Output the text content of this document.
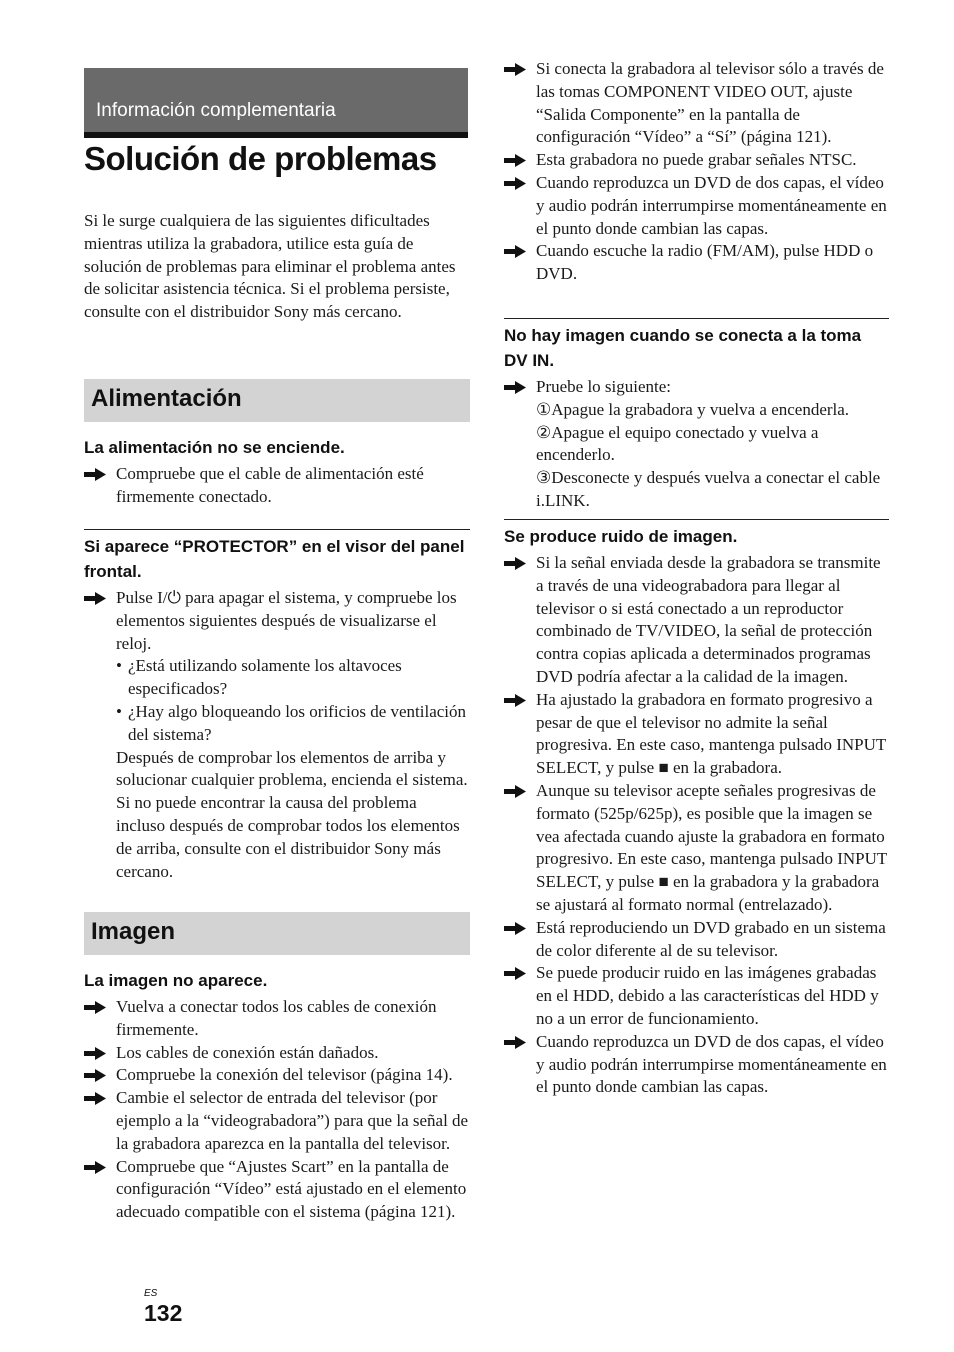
Información complementaria
Solución de problemas

Si le surge cualquiera de las siguientes dificultades mientras utiliza la grabadora, utilice esta guía de solución de problemas para eliminar el problema antes de solicitar asistencia técnica. Si el problema persiste, consulte con el distribuidor Sony más cercano.

Alimentación
La alimentación no se enciende.

Compruebe que el cable de alimentación esté firmemente conectado.

Si aparece “PROTECTOR” en el visor del panel frontal.

Pulse I/⏻ para apagar el sistema, y compruebe los elementos siguientes después de visualizarse el reloj.

• ¿Está utilizando solamente los altavoces especificados?

• ¿Hay algo bloqueando los orificios de ventilación del sistema?

Después de comprobar los elementos de arriba y solucionar cualquier problema, encienda el sistema. Si no puede encontrar la causa del problema incluso después de comprobar todos los elementos de arriba, consulte con el distribuidor Sony más cercano.

Imagen
La imagen no aparece.

Vuelva a conectar todos los cables de conexión firmemente.

Los cables de conexión están dañados.

Compruebe la conexión del televisor (página 14).

Cambie el selector de entrada del televisor (por ejemplo a la “videograbadora”) para que la señal de la grabadora aparezca en la pantalla del televisor.

Compruebe que “Ajustes Scart” en la pantalla de configuración “Vídeo” está ajustado en el elemento adecuado compatible con el sistema (página 121).

ES
132

Si conecta la grabadora al televisor sólo a través de las tomas COMPONENT VIDEO OUT, ajuste “Salida Componente” en la pantalla de configuración “Vídeo” a “Sí” (página 121).

Esta grabadora no puede grabar señales NTSC.

Cuando reproduzca un DVD de dos capas, el vídeo y audio podrán interrumpirse momentáneamente en el punto donde cambian las capas.

Cuando escuche la radio (FM/AM), pulse HDD o DVD.

No hay imagen cuando se conecta a la toma DV IN.

Pruebe lo siguiente:

①Apague la grabadora y vuelva a encenderla.

②Apague el equipo conectado y vuelva a encenderlo.

③Desconecte y después vuelva a conectar el cable i.LINK.

Se produce ruido de imagen.

Si la señal enviada desde la grabadora se transmite a través de una videograbadora para llegar al televisor o si está conectado a un reproductor combinado de TV/VIDEO, la señal de protección contra copias aplicada a determinados programas DVD podría afectar a la calidad de la imagen.

Ha ajustado la grabadora en formato progresivo a pesar de que el televisor no admite la señal progresiva. En este caso, mantenga pulsado INPUT SELECT, y pulse ■ en la grabadora.

Aunque su televisor acepte señales progresivas de formato (525p/625p), es posible que la imagen se vea afectada cuando ajuste la grabadora en formato progresivo. En este caso, mantenga pulsado INPUT SELECT, y pulse ■ en la grabadora y la grabadora se ajustará al formato normal (entrelazado).

Está reproduciendo un DVD grabado en un sistema de color diferente al de su televisor.

Se puede producir ruido en las imágenes grabadas en el HDD, debido a las características del HDD y no a un error de funcionamiento.

Cuando reproduzca un DVD de dos capas, el vídeo y audio podrán interrumpirse momentáneamente en el punto donde cambian las capas.
